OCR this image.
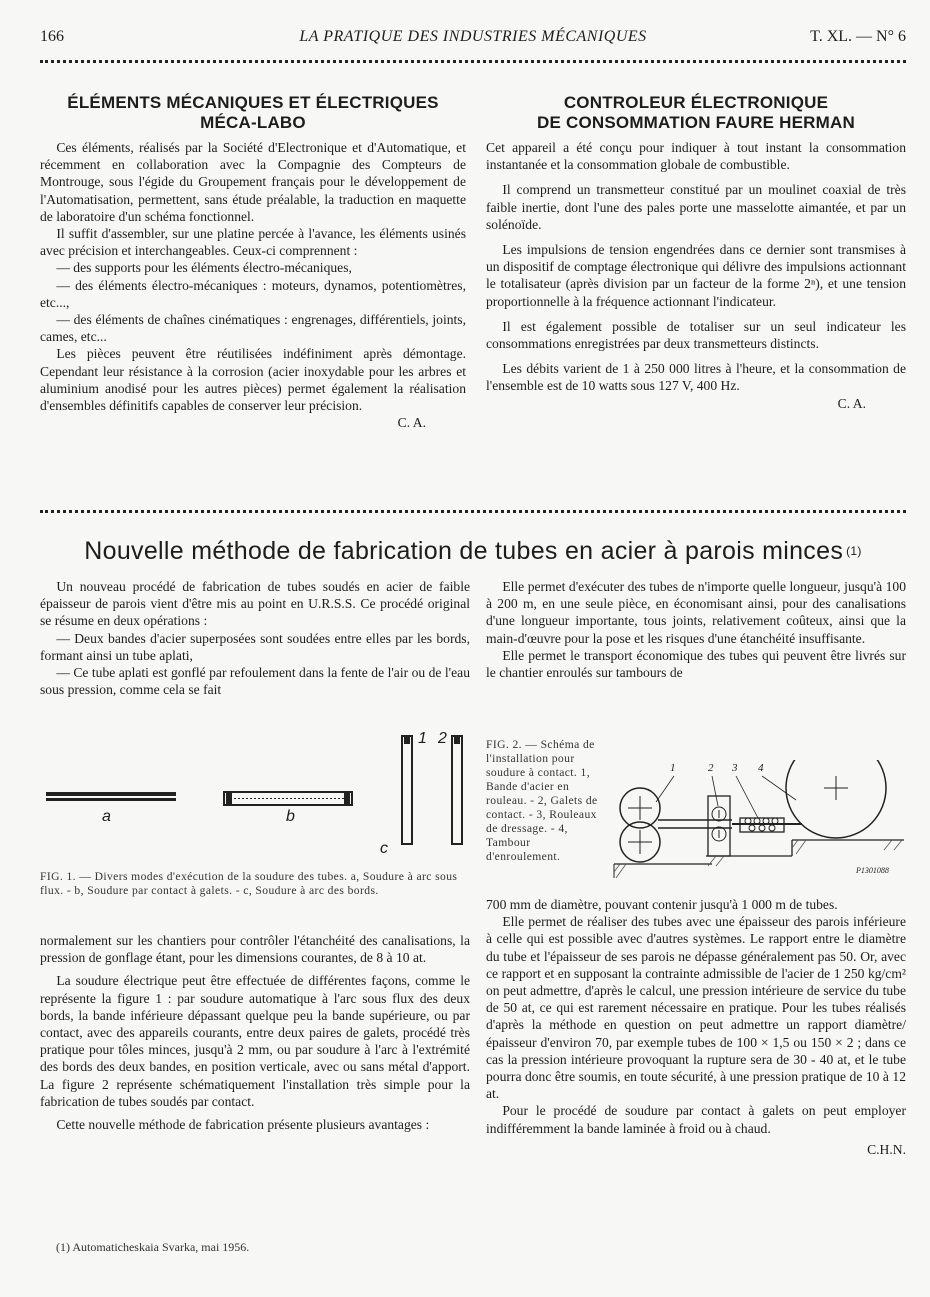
166	LA PRATIQUE DES INDUSTRIES MÉCANIQUES	T. XL. — N° 6
ÉLÉMENTS MÉCANIQUES ET ÉLECTRIQUES
MÉCA-LABO

Ces éléments, réalisés par la Société d'Electronique et d'Automatique, et récemment en collaboration avec la Compagnie des Compteurs de Montrouge, sous l'égide du Groupement français pour le développement de l'Automatisation, permettent, sans étude préalable, la traduction en maquette de laboratoire d'un schéma fonctionnel.

Il suffit d'assembler, sur une platine percée à l'avance, les éléments usinés avec précision et interchangeables. Ceux-ci comprennent :

— des supports pour les éléments électro-mécaniques,

— des éléments électro-mécaniques : moteurs, dynamos, potentiomètres, etc...,

— des éléments de chaînes cinématiques : engrenages, différentiels, joints, cames, etc...

Les pièces peuvent être réutilisées indéfiniment après démontage. Cependant leur résistance à la corrosion (acier inoxydable pour les arbres et aluminium anodisé pour les autres pièces) permet également la réalisation d'ensembles définitifs capables de conserver leur précision.

C. A.
CONTROLEUR ÉLECTRONIQUE
DE CONSOMMATION FAURE HERMAN

Cet appareil a été conçu pour indiquer à tout instant la consommation instantanée et la consommation globale de combustible.

Il comprend un transmetteur constitué par un moulinet coaxial de très faible inertie, dont l'une des pales porte une masselotte aimantée, et par un solénoïde.

Les impulsions de tension engendrées dans ce dernier sont transmises à un dispositif de comptage électronique qui délivre des impulsions actionnant le totalisateur (après division par un facteur de la forme 2ⁿ), et une tension proportionnelle à la fréquence actionnant l'indicateur.

Il est également possible de totaliser sur un seul indicateur les consommations enregistrées par deux transmetteurs distincts.

Les débits varient de 1 à 250 000 litres à l'heure, et la consommation de l'ensemble est de 10 watts sous 127 V, 400 Hz.

C. A.
Nouvelle méthode de fabrication de tubes en acier à parois minces $^{(1)}$

Un nouveau procédé de fabrication de tubes soudés en acier de faible épaisseur de parois vient d'être mis au point en U.R.S.S. Ce procédé original se résume en deux opérations :

— Deux bandes d'acier superposées sont soudées entre elles par les bords, formant ainsi un tube aplati,

— Ce tube aplati est gonflé par refoulement dans la fente de l'air ou de l'eau sous pression, comme cela se fait

a	b
c
1 2
FIG. 1. — Divers modes d'exécution de la soudure des tubes. a, Soudure à arc sous flux. - b, Soudure par contact à galets. - c, Soudure à arc des bords.

normalement sur les chantiers pour contrôler l'étanchéité des canalisations, la pression de gonflage étant, pour les dimensions courantes, de 8 à 10 at.

La soudure électrique peut être effectuée de différentes façons, comme le représente la figure 1 : par soudure automatique à l'arc sous flux des deux bords, la bande inférieure dépassant quelque peu la bande supérieure, ou par contact, avec des appareils courants, entre deux paires de galets, procédé très pratique pour tôles minces, jusqu'à 2 mm, ou par soudure à l'arc à l'extrémité des bords des deux bandes, en position verticale, avec ou sans métal d'apport. La figure 2 représente schématiquement l'installation très simple pour la fabrication de tubes soudés par contact.

Cette nouvelle méthode de fabrication présente plusieurs avantages :

(1) Automaticheskaia Svarka, mai 1956.

Elle permet d'exécuter des tubes de n'importe quelle longueur, jusqu'à 100 à 200 m, en une seule pièce, en économisant ainsi, pour des canalisations d'une longueur importante, tous joints, relativement coûteux, ainsi que la main-d'œuvre pour la pose et les risques d'une étanchéité insuffisante.

Elle permet le transport économique des tubes qui peuvent être livrés sur le chantier enroulés sur tambours de

FIG. 2. — Schéma de l'installation pour soudure à contact. 1, Bande d'acier en rouleau. - 2, Galets de contact. - 3, Rouleaux de dressage. - 4, Tambour d'enroulement.
1	2 3 4
P1301088

700 mm de diamètre, pouvant contenir jusqu'à 1 000 m de tubes.

Elle permet de réaliser des tubes avec une épaisseur des parois inférieure à celle qui est possible avec d'autres systèmes. Le rapport entre le diamètre du tube et l'épaisseur de ses parois ne dépasse généralement pas 50. Or, avec ce rapport et en supposant la contrainte admissible de l'acier de 1 250 kg/cm² on peut admettre, d'après le calcul, une pression intérieure de service du tube de 50 at, ce qui est rarement nécessaire en pratique. Pour les tubes réalisés d'après la méthode en question on peut admettre un rapport diamètre/épaisseur d'environ 70, par exemple tubes de 100 × 1,5 ou 150 × 2 ; dans ce cas la pression intérieure provoquant la rupture sera de 30 - 40 at, et le tube pourra donc être soumis, en toute sécurité, à une pression pratique de 10 à 12 at.

Pour le procédé de soudure par contact à galets on peut employer indifféremment la bande laminée à froid ou à chaud.

C.H.N.
